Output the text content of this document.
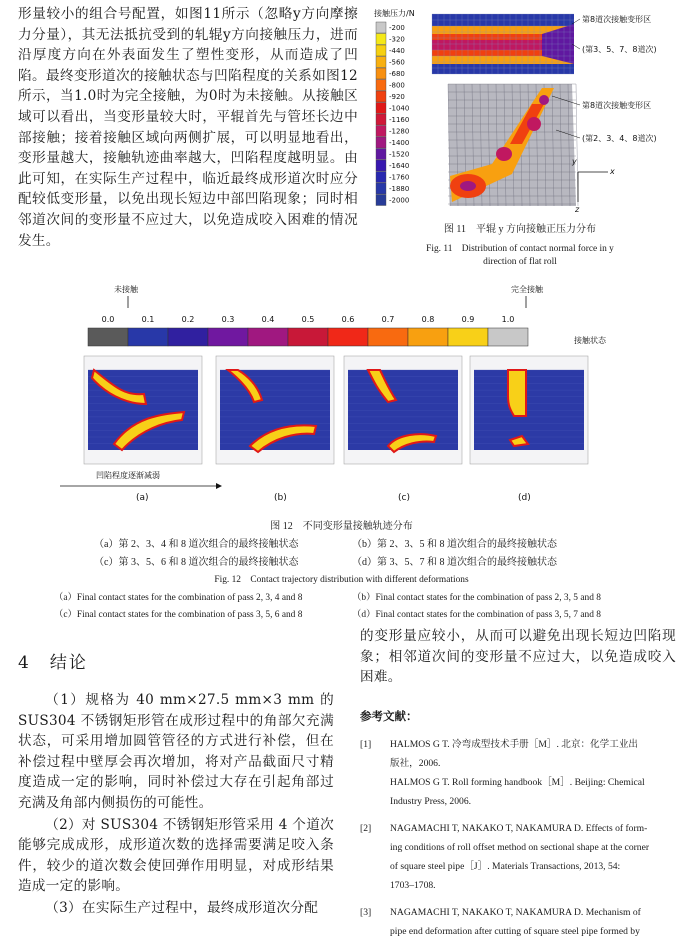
形量较小的组合号配置，如图11所示（忽略y方向摩擦力分量），其无法抵抗受到的轧辊y方向接触压力，进而沿厚度方向在外表面发生了塑性变形，从而造成了凹陷。最终变形道次的接触状态与凹陷程度的关系如图12所示，当1.0时为完全接触，为0时为未接触。从接触区域可以看出，当变形量较大时，平辊首先与管坯长边中部接触；接着接触区域向两侧扩展，可以明显地看出，变形量越大，接触轨迹曲率越大，凹陷程度越明显。由此可知，在实际生产过程中，临近最终成形道次时应分配较低变形量，以免出现长短边中部凹陷现象；同时相邻道次间的变形量不应过大，以免造成咬入困难的情况发生。

-200
-320
-440
-560
-680
-800
-920
-1040
-1160
-1280
-1400
-1520
-1640
-1760
-1880
-2000
接触压力/N
第8道次接触变形区
(第3、5、7、8道次)
第8道次接触变形区
(第2、3、4、8道次)
x
y
z
图 11　平辊 y 方向接触正压力分布
Fig. 11　Distribution of contact normal force in y
direction of flat roll
未接触	完全接触
0.0	0.1	0.2	0.3	0.4	0.5	0.6	0.7	0.8	0.9	1.0
接触状态
凹陷程度逐渐减弱
(a)	(b)	(c)	(d)
图 12　不同变形量接触轨迹分布
（a）第 2、3、4 和 8 道次组合的最终接触状态	（b）第 2、3、5 和 8 道次组合的最终接触状态
（c）第 3、5、6 和 8 道次组合的最终接触状态	（d）第 3、5、7 和 8 道次组合的最终接触状态
Fig. 12　Contact trajectory distribution with different deformations
（a）Final contact states for the combination of pass 2, 3, 4 and 8	（b）Final contact states for the combination of pass 2, 3, 5 and 8
（c）Final contact states for the combination of pass 3, 5, 6 and 8	（d）Final contact states for the combination of pass 3, 5, 7 and 8
4　结论

（1）规格为 40 mm×27.5 mm×3 mm 的 SUS304 不锈钢矩形管在成形过程中的角部欠充满状态，可采用增加圆管管径的方式进行补偿，但在补偿过程中壁厚会再次增加，将对产品截面尺寸精度造成一定的影响，同时补偿过大存在引起角部过充满及角部内侧损伤的可能性。

（2）对 SUS304 不锈钢矩形管采用 4 个道次能够完成成形，成形道次数的选择需要满足咬入条件，较少的道次数会使回弹作用明显，对成形结果造成一定的影响。

（3）在实际生产过程中，最终成形道次分配

的变形量应较小，从而可以避免出现长短边凹陷现象；相邻道次间的变形量不应过大，以免造成咬入困难。

参考文献：
[1]	HALMOS G T. 冷弯成型技术手册［M］. 北京：化学工业出
版社，2006.
HALMOS G T. Roll forming handbook［M］. Beijing: Chemical
Industry Press, 2006.
[2]	NAGAMACHI T, NAKAKO T, NAKAMURA D. Effects of form-
ing conditions of roll offset method on sectional shape at the corner
of square steel pipe［J］. Materials Transactions, 2013, 54:
1703–1708.
[3]	NAGAMACHI T, NAKAKO T, NAKAMURA D. Mechanism of
pipe end deformation after cutting of square steel pipe formed by
